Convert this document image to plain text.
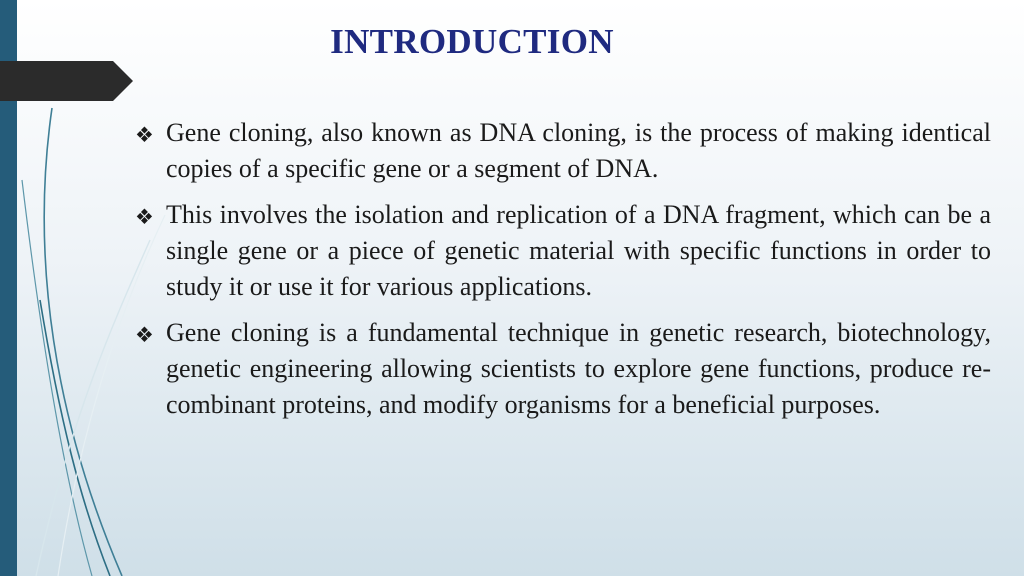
INTRODUCTION
❖ Gene cloning, also known as DNA cloning, is the process of making identical copies of a specific gene or a segment of DNA.
❖ This involves the isolation and replication of a DNA fragment, which can be a single gene or a piece of genetic material with specific functions in order to study it or use it for various applications.
❖ Gene cloning is a fundamental technique in genetic research, biotechnology, genetic engineering allowing scientists to explore gene functions, produce re-combinant proteins, and modify organisms for a beneficial purposes.
